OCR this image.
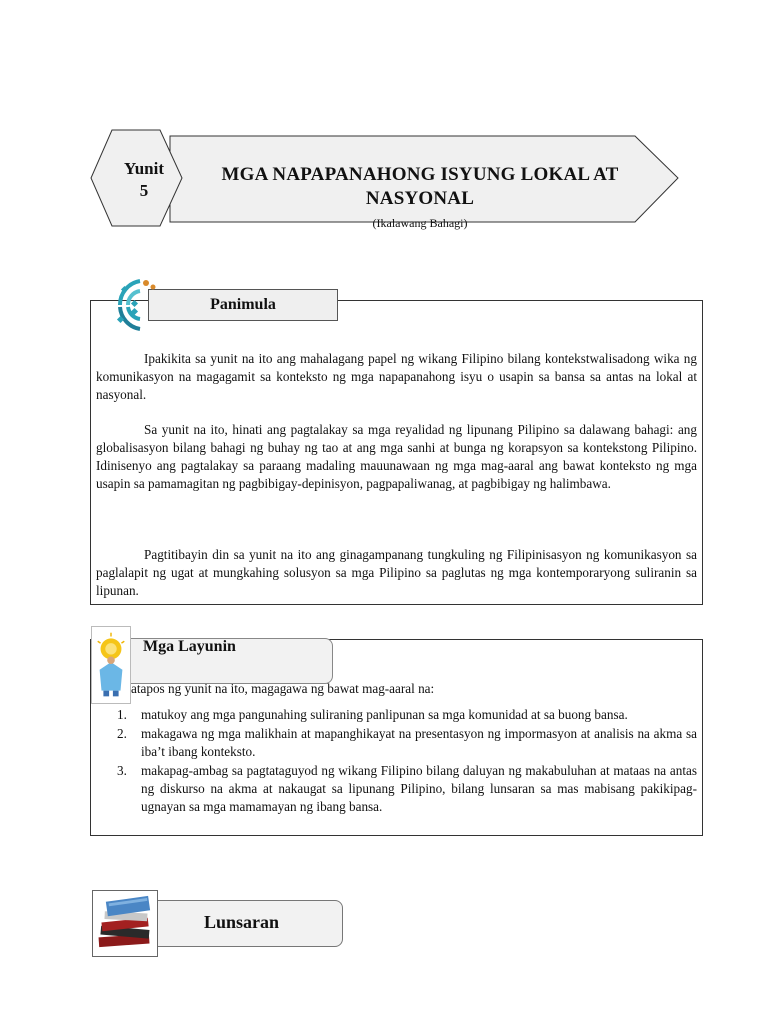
Yunit
5
MGA NAPAPANAHONG ISYUNG LOKAL AT
NASYONAL
(Ikalawang Bahagi)
Panimula

Ipakikita sa yunit na ito ang mahalagang papel ng wikang Filipino bilang kontekstwalisadong wika ng komunikasyon na magagamit sa konteksto ng mga napapanahong isyu o usapin sa bansa sa antas na lokal at nasyonal.

Sa yunit na ito, hinati ang pagtalakay sa mga reyalidad ng lipunang Pilipino sa dalawang bahagi: ang globalisasyon bilang bahagi ng buhay ng tao at ang mga sanhi at bunga ng korapsyon sa kontekstong Pilipino. Idinisenyo ang pagtalakay sa paraang madaling mauunawaan ng mga mag-aaral ang bawat konteksto ng mga usapin sa pamamagitan ng pagbibigay-depinisyon, pagpapaliwanag, at pagbibigay ng halimbawa.

Pagtitibayin din sa yunit na ito ang ginagampanang tungkuling ng Filipinisasyon ng komunikasyon sa paglalapit ng ugat at mungkahing solusyon sa mga Pilipino sa paglutas ng mga kontemporaryong suliranin sa lipunan.

Mga Layunin
atapos ng yunit na ito, magagawa ng bawat mag-aaral na:
1. matukoy ang mga pangunahing suliraning panlipunan sa mga komunidad at sa buong bansa.
2. makagawa ng mga malikhain at mapanghikayat na presentasyon ng impormasyon at analisis na akma sa iba’t ibang konteksto.
3. makapag-ambag sa pagtataguyod ng wikang Filipino bilang daluyan ng makabuluhan at mataas na antas ng diskurso na akma at nakaugat sa lipunang Pilipino, bilang lunsaran sa mas mabisang pakikipag-ugnayan sa mga mamamayan ng ibang bansa.
Lunsaran
